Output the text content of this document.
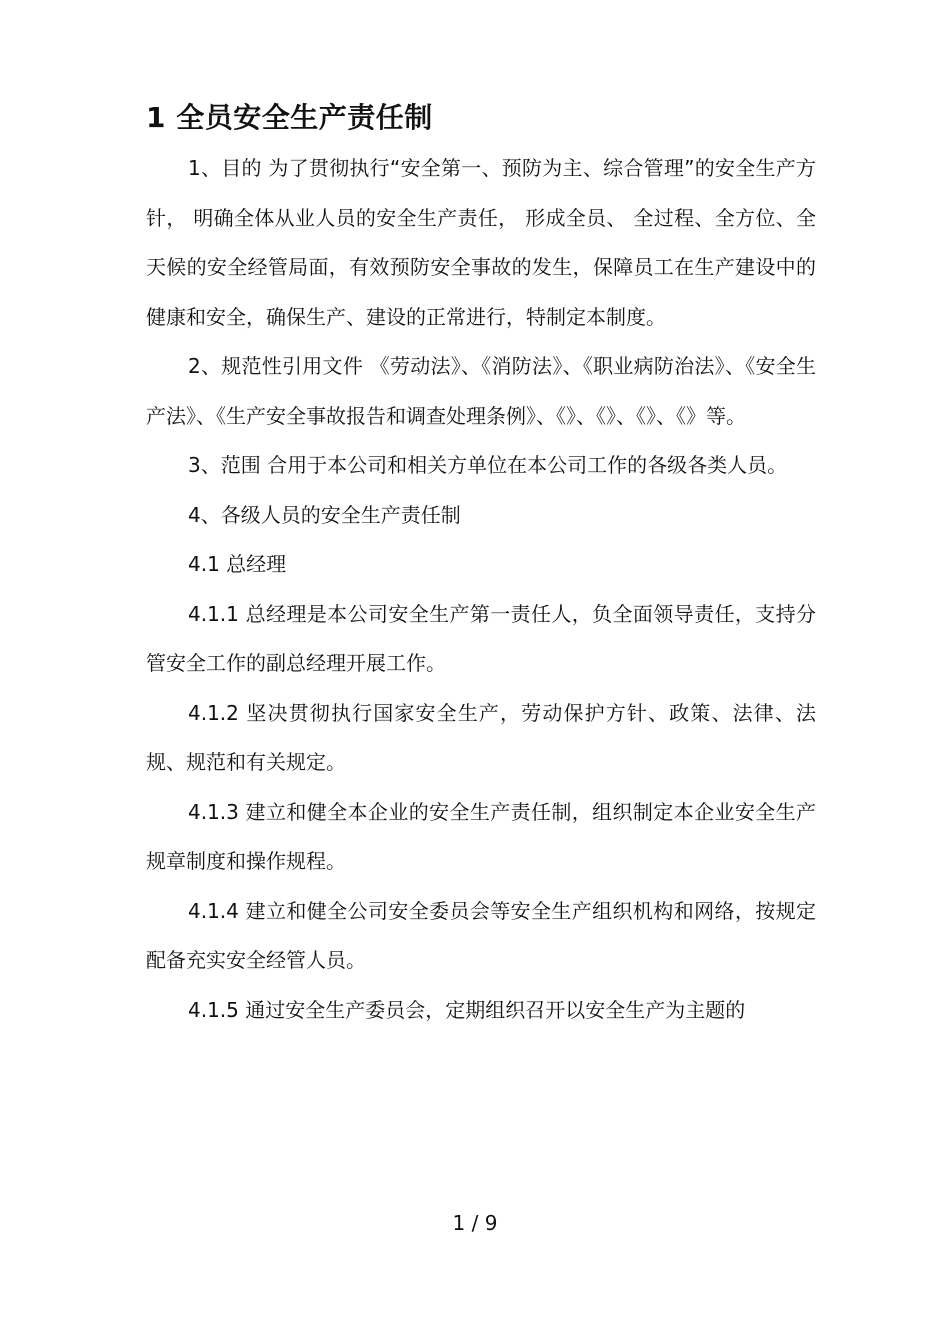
1 全员安全生产责任制

1、目的 为了贯彻执行“安全第一、预防为主、综合管理”的安全生产方针， 明确全体从业人员的安全生产责任， 形成全员、 全过程、全方位、全天候的安全经管局面，有效预防安全事故的发生，保障员工在生产建设中的健康和安全，确保生产、建设的正常进行，特制定本制度。

2、规范性引用文件 《劳动法》、《消防法》、《职业病防治法》、《安全生产法》、《生产安全事故报告和调查处理条例》、《》、《》、《》、《》等。

3、范围 合用于本公司和相关方单位在本公司工作的各级各类人员。

4、各级人员的安全生产责任制

4.1 总经理

4.1.1 总经理是本公司安全生产第一责任人，负全面领导责任，支持分管安全工作的副总经理开展工作。

4.1.2 坚决贯彻执行国家安全生产，劳动保护方针、政策、法律、法规、规范和有关规定。

4.1.3 建立和健全本企业的安全生产责任制，组织制定本企业安全生产规章制度和操作规程。

4.1.4 建立和健全公司安全委员会等安全生产组织机构和网络，按规定配备充实安全经管人员。

4.1.5 通过安全生产委员会，定期组织召开以安全生产为主题的

1 / 9
